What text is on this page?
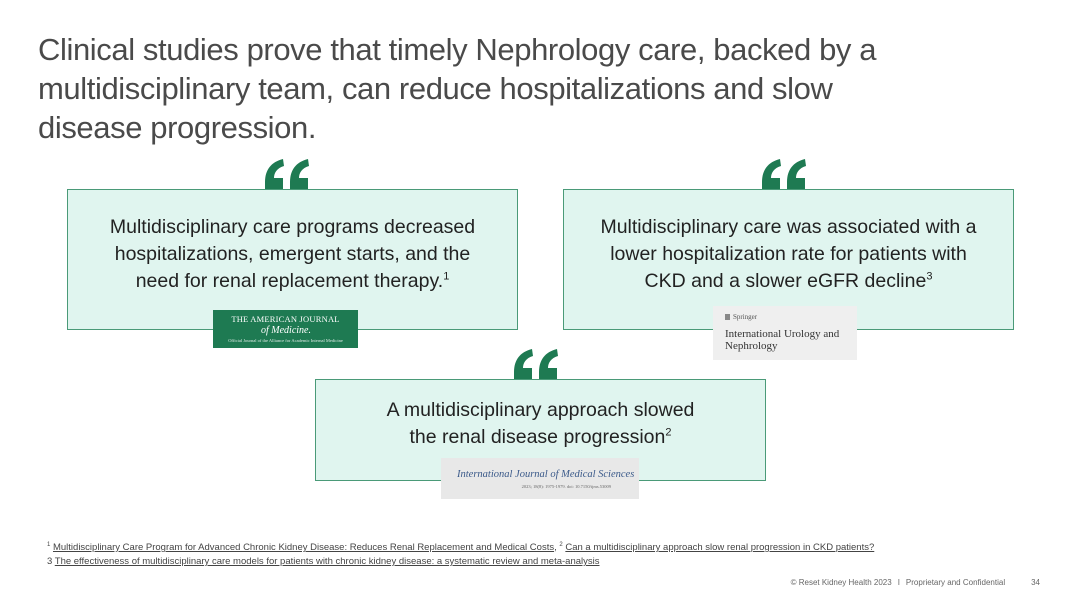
Clinical studies prove that timely Nephrology care, backed by a multidisciplinary team, can reduce hospitalizations and slow disease progression.
Multidisciplinary care programs decreased hospitalizations, emergent starts, and the need for renal replacement therapy.$^1$
THE AMERICAN JOURNAL
of Medicine.
Official Journal of the Alliance for Academic Internal Medicine
Multidisciplinary care was associated with a lower hospitalization rate for patients with CKD and a slower eGFR decline$^3$
Springer
International Urology and
Nephrology
A multidisciplinary approach slowed the renal disease progression$^2$
International Journal of Medical Sciences
2023; 18(8): 1975-1979. doi: 10.7150/ijms.53009
$^1$ Multidisciplinary Care Program for Advanced Chronic Kidney Disease: Reduces Renal Replacement and Medical Costs, $^2$ Can a multidisciplinary approach slow renal progression in CKD patients? 3 The effectiveness of multidisciplinary care models for patients with chronic kidney disease: a systematic review and meta-analysis
© Reset Kidney Health 2023 I Proprietary and Confidential	34
